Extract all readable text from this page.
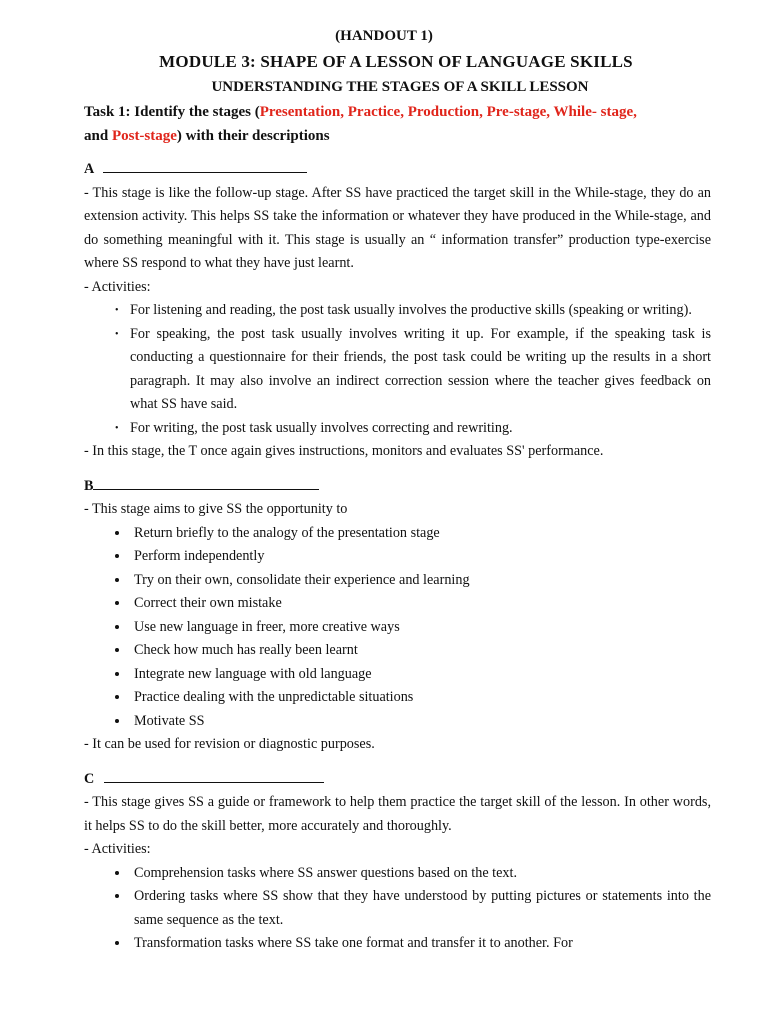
(HANDOUT 1)
MODULE 3: SHAPE OF A LESSON OF LANGUAGE SKILLS
UNDERSTANDING THE STAGES OF A SKILL LESSON

Task 1: Identify the stages (Presentation, Practice, Production, Pre-stage, While- stage,
and Post-stage) with their descriptions

A

- This stage is like the follow-up stage. After SS have practiced the target skill in the While-stage, they do an extension activity. This helps SS take the information or whatever they have produced in the While-stage, and do something meaningful with it. This stage is usually an “ information transfer” production type-exercise where SS respond to what they have just learnt.

- Activities:

• For listening and reading, the post task usually involves the productive skills (speaking or writing).
• For speaking, the post task usually involves writing it up. For example, if the speaking task is conducting a questionnaire for their friends, the post task could be writing up the results in a short paragraph. It may also involve an indirect correction session where the teacher gives feedback on what SS have said.
• For writing, the post task usually involves correcting and rewriting.

- In this stage, the T once again gives instructions, monitors and evaluates SS' performance.

B

- This stage aims to give SS the opportunity to

• Return briefly to the analogy of the presentation stage
• Perform independently
• Try on their own, consolidate their experience and learning
• Correct their own mistake
• Use new language in freer, more creative ways
• Check how much has really been learnt
• Integrate new language with old language
• Practice dealing with the unpredictable situations
• Motivate SS

- It can be used for revision or diagnostic purposes.

C

- This stage gives SS a guide or framework to help them practice the target skill of the lesson. In other words, it helps SS to do the skill better, more accurately and thoroughly.

- Activities:

• Comprehension tasks where SS answer questions based on the text.
• Ordering tasks where SS show that they have understood by putting pictures or statements into the same sequence as the text.
• Transformation tasks where SS take one format and transfer it to another. For
